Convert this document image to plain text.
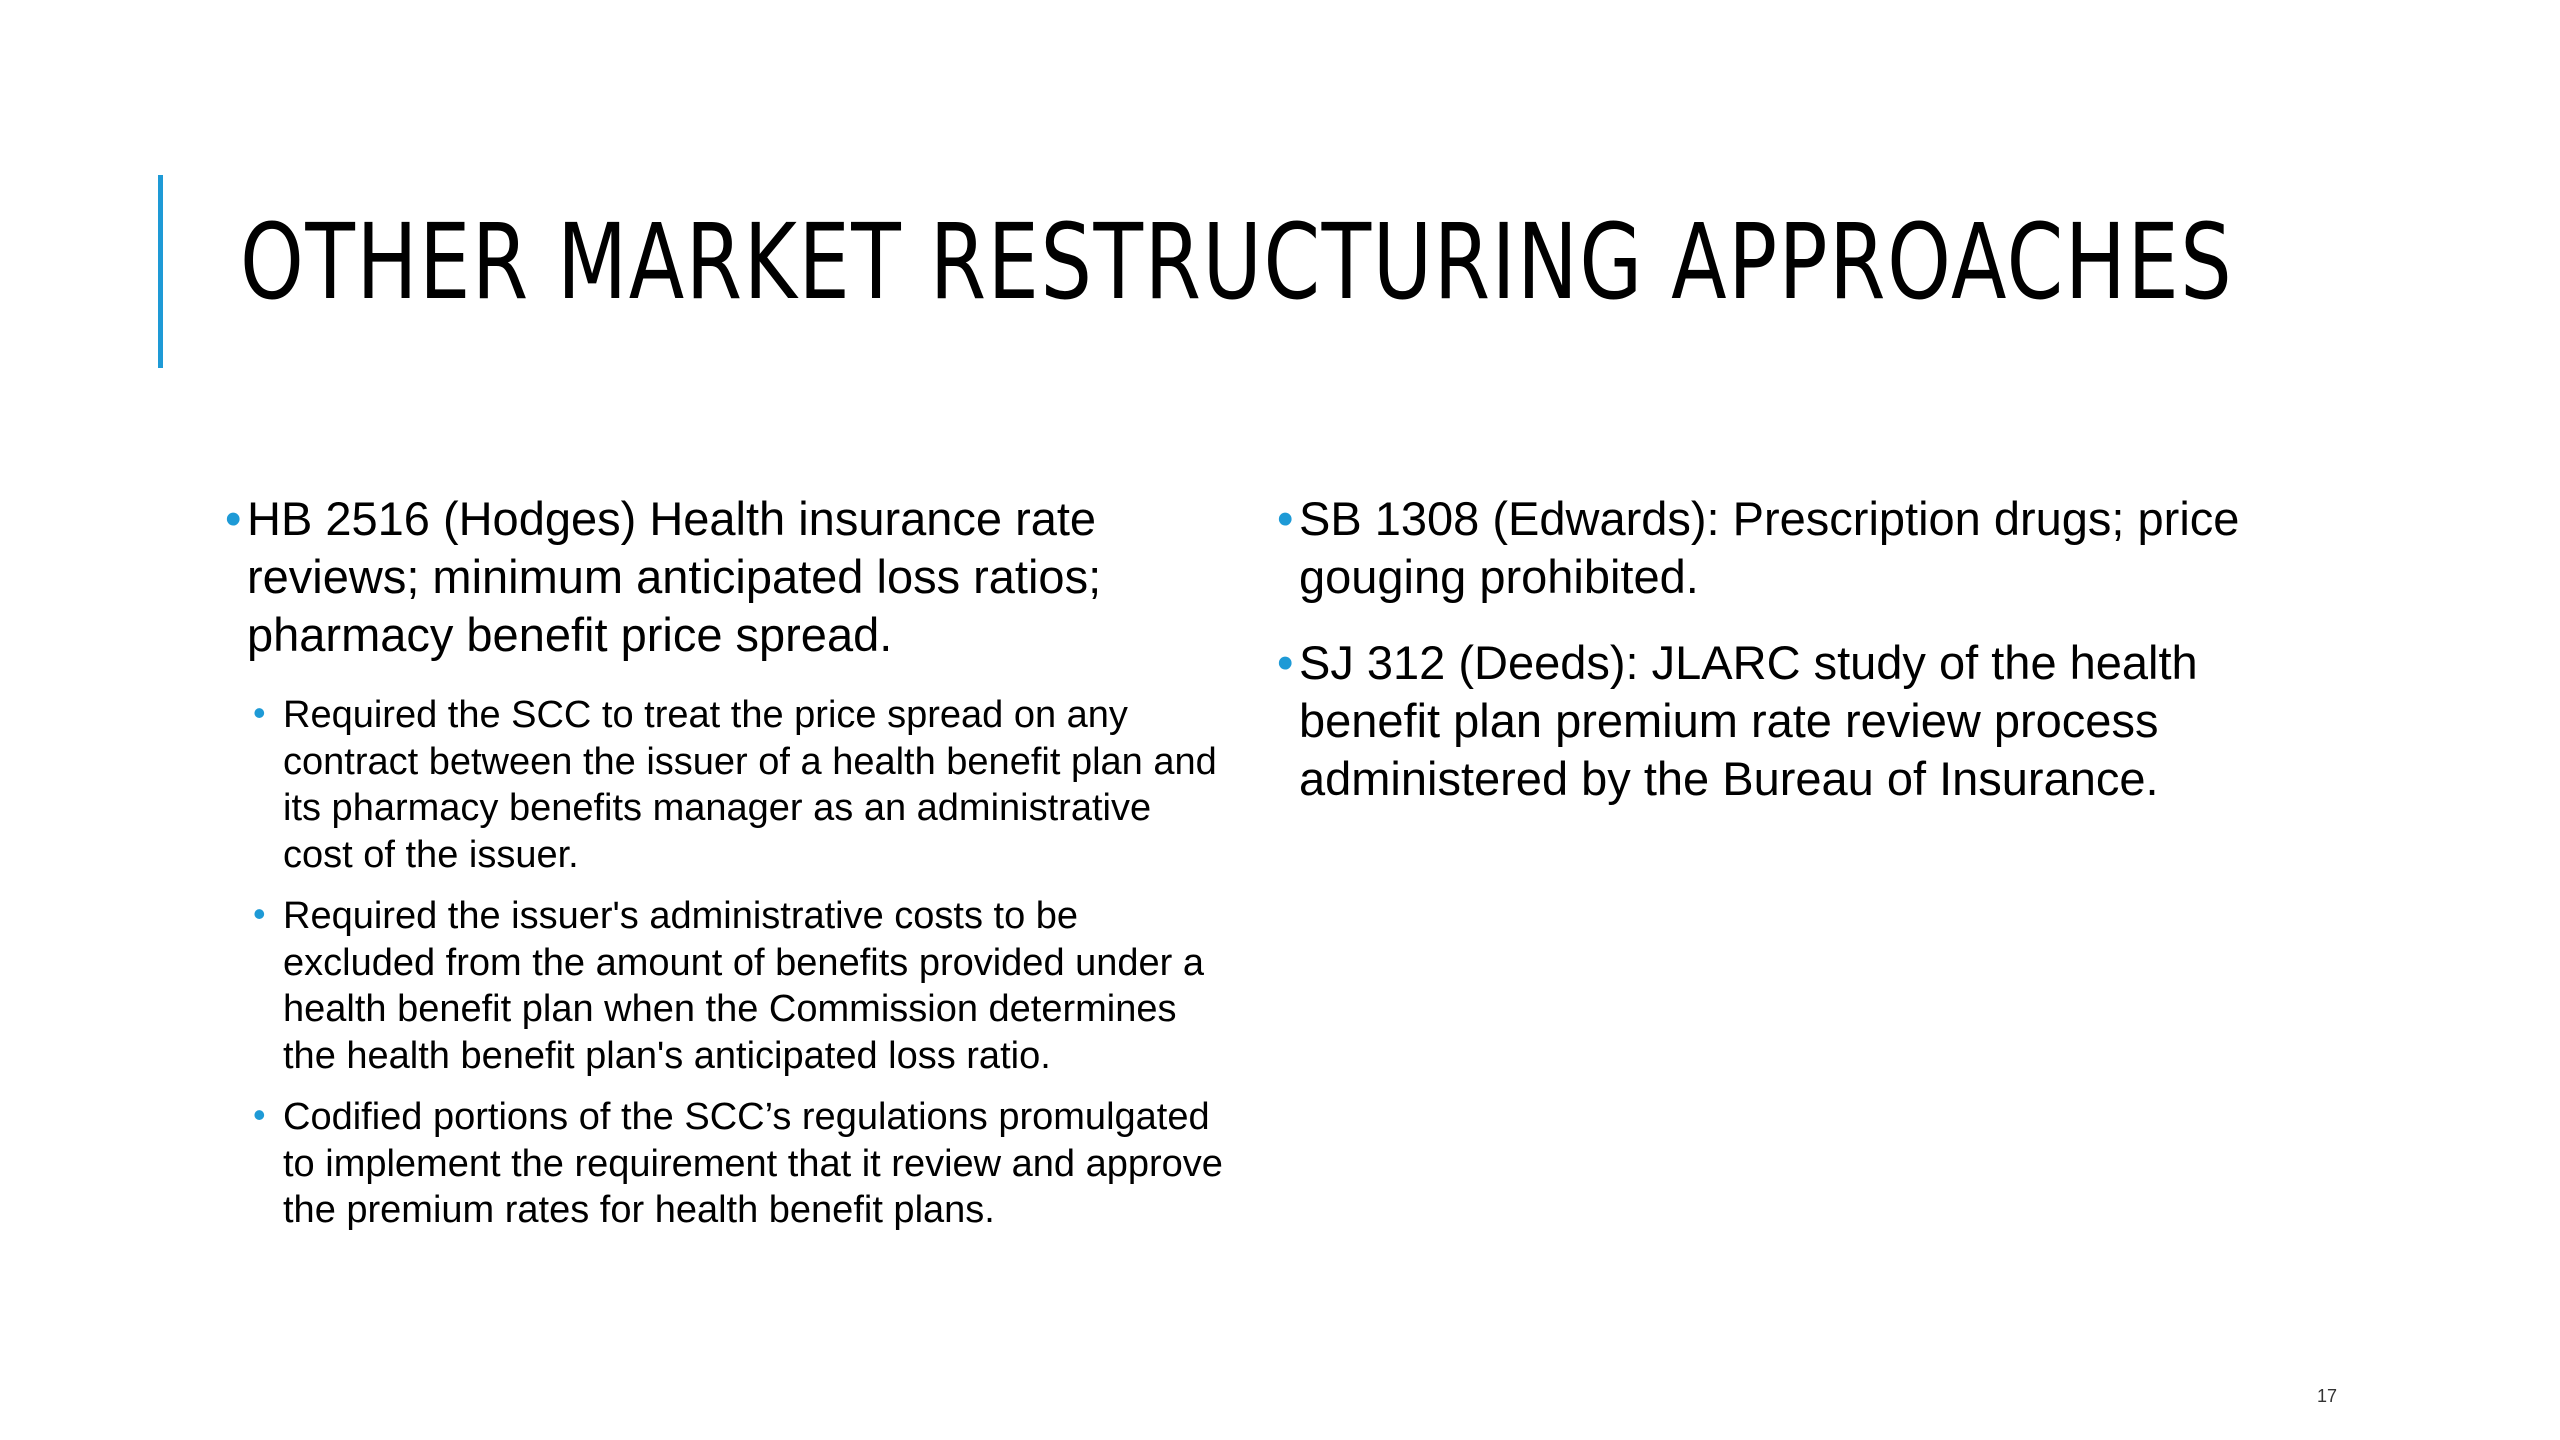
OTHER MARKET RESTRUCTURING APPROACHES
• HB 2516 (Hodges) Health insurance rate reviews; minimum anticipated loss ratios; pharmacy benefit price spread.
• Required the SCC to treat the price spread on any contract between the issuer of a health benefit plan and its pharmacy benefits manager as an administrative cost of the issuer.
• Required the issuer's administrative costs to be excluded from the amount of benefits provided under a health benefit plan when the Commission determines the health benefit plan's anticipated loss ratio.
• Codified portions of the SCC’s regulations promulgated to implement the requirement that it review and approve the premium rates for health benefit plans.
• SB 1308 (Edwards): Prescription drugs; price gouging prohibited.
• SJ 312 (Deeds): JLARC study of the health benefit plan premium rate review process administered by the Bureau of Insurance.
17
